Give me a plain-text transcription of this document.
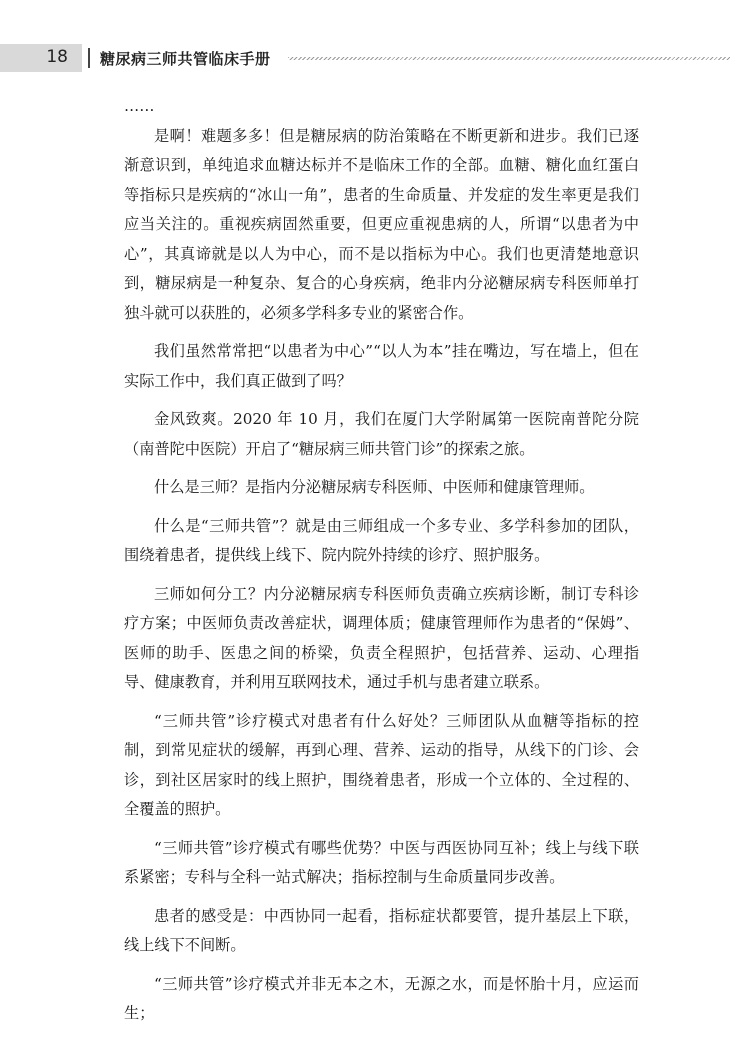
18 糖尿病三师共管临床手册

……

是啊！难题多多！但是糖尿病的防治策略在不断更新和进步。我们已逐渐意识到，单纯追求血糖达标并不是临床工作的全部。血糖、糖化血红蛋白等指标只是疾病的“冰山一角”，患者的生命质量、并发症的发生率更是我们应当关注的。重视疾病固然重要，但更应重视患病的人，所谓“以患者为中心”，其真谛就是以人为中心，而不是以指标为中心。我们也更清楚地意识到，糖尿病是一种复杂、复合的心身疾病，绝非内分泌糖尿病专科医师单打独斗就可以获胜的，必须多学科多专业的紧密合作。

我们虽然常常把“以患者为中心”“以人为本”挂在嘴边，写在墙上，但在实际工作中，我们真正做到了吗？

金风致爽。2020 年 10 月，我们在厦门大学附属第一医院南普陀分院（南普陀中医院）开启了“糖尿病三师共管门诊”的探索之旅。

什么是三师？是指内分泌糖尿病专科医师、中医师和健康管理师。

什么是“三师共管”？就是由三师组成一个多专业、多学科参加的团队，围绕着患者，提供线上线下、院内院外持续的诊疗、照护服务。

三师如何分工？内分泌糖尿病专科医师负责确立疾病诊断，制订专科诊疗方案；中医师负责改善症状，调理体质；健康管理师作为患者的“保姆”、医师的助手、医患之间的桥梁，负责全程照护，包括营养、运动、心理指导、健康教育，并利用互联网技术，通过手机与患者建立联系。

“三师共管”诊疗模式对患者有什么好处？三师团队从血糖等指标的控制，到常见症状的缓解，再到心理、营养、运动的指导，从线下的门诊、会诊，到社区居家时的线上照护，围绕着患者，形成一个立体的、全过程的、全覆盖的照护。

“三师共管”诊疗模式有哪些优势？中医与西医协同互补；线上与线下联系紧密；专科与全科一站式解决；指标控制与生命质量同步改善。

患者的感受是：中西协同一起看，指标症状都要管，提升基层上下联，线上线下不间断。

“三师共管”诊疗模式并非无本之木，无源之水，而是怀胎十月，应运而生；
